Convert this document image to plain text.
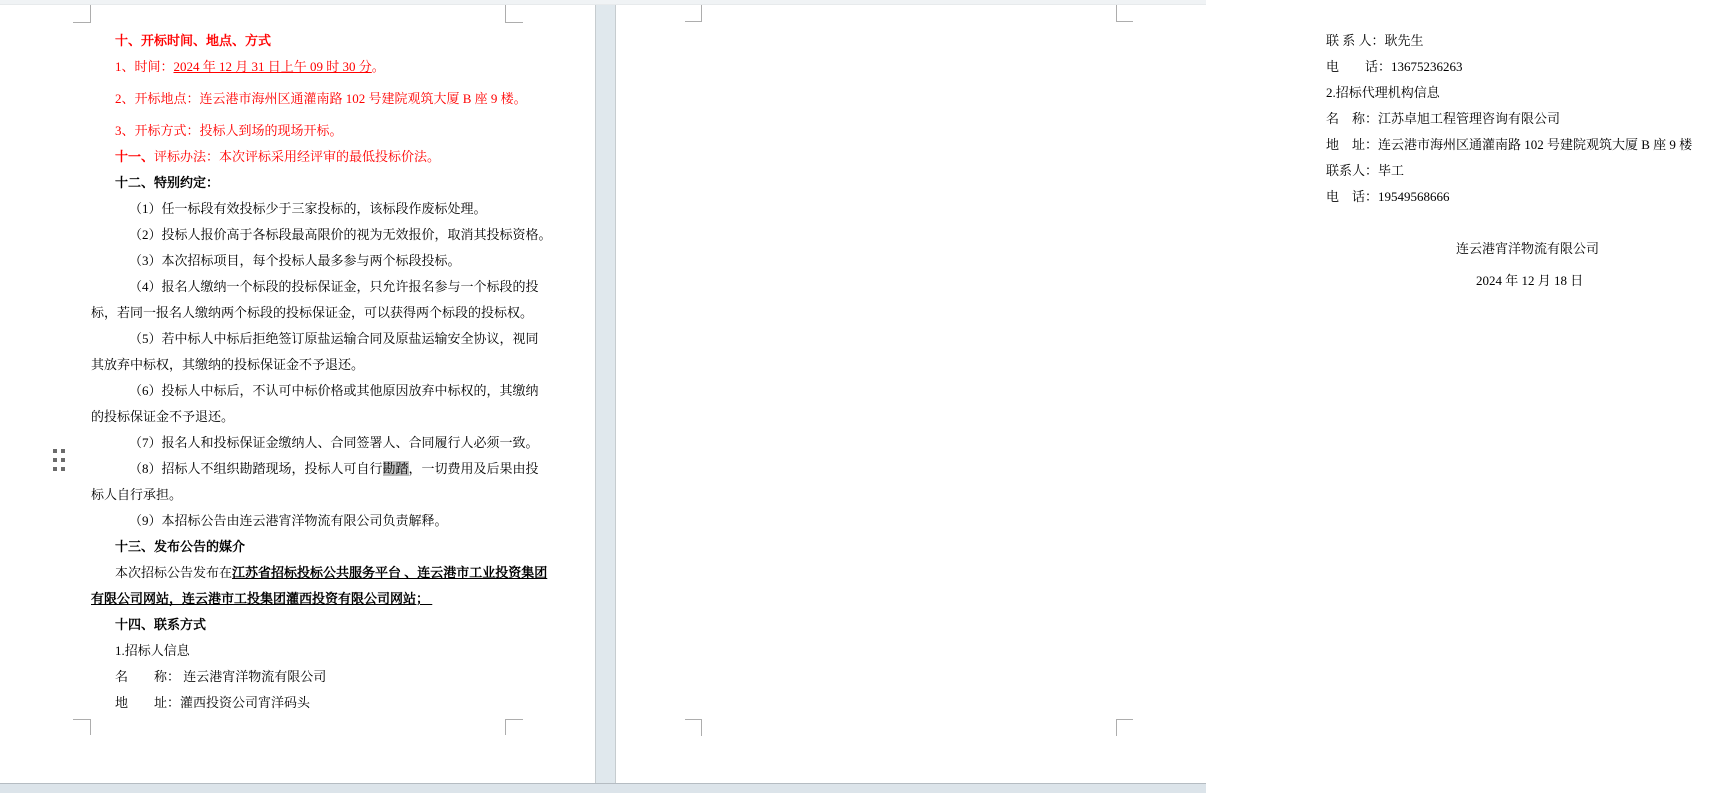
十、开标时间、地点、方式
1、时间：2024 年 12 月 31 日上午 09 时 30 分。
2、开标地点：连云港市海州区通灌南路 102 号建院观筑大厦 B 座 9 楼。
3、开标方式：投标人到场的现场开标。
十一、评标办法：本次评标采用经评审的最低投标价法。
十二、特别约定：
（1）任一标段有效投标少于三家投标的，该标段作废标处理。
（2）投标人报价高于各标段最高限价的视为无效报价，取消其投标资格。
（3）本次招标项目，每个投标人最多参与两个标段投标。
（4）报名人缴纳一个标段的投标保证金，只允许报名参与一个标段的投
标，若同一报名人缴纳两个标段的投标保证金，可以获得两个标段的投标权。
（5）若中标人中标后拒绝签订原盐运输合同及原盐运输安全协议，视同
其放弃中标权，其缴纳的投标保证金不予退还。
（6）投标人中标后，不认可中标价格或其他原因放弃中标权的，其缴纳
的投标保证金不予退还。
（7）报名人和投标保证金缴纳人、合同签署人、合同履行人必须一致。
（8）招标人不组织勘踏现场，投标人可自行勘踏，一切费用及后果由投
标人自行承担。
（9）本招标公告由连云港宵洋物流有限公司负责解释。
十三、发布公告的媒介
本次招标公告发布在江苏省招标投标公共服务平台 、连云港市工业投资集团
有限公司网站，连云港市工投集团灌西投资有限公司网站；
十四、联系方式
1.招标人信息
名　　称： 连云港宵洋物流有限公司
地　　址：灌西投资公司宵洋码头
联 系 人：耿先生
电　　话：13675236263
2.招标代理机构信息
名　称：江苏卓旭工程管理咨询有限公司
地　址：连云港市海州区通灌南路 102 号建院观筑大厦 B 座 9 楼
联系人：毕工
电　话：19549568666
连云港宵洋物流有限公司
2024 年 12 月 18 日
